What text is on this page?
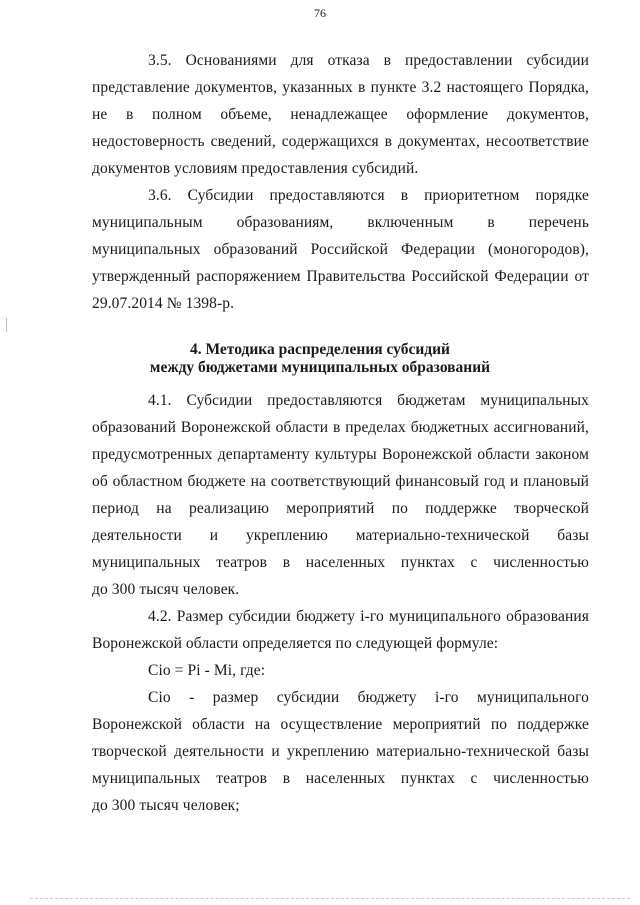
76
3.5. Основаниями для отказа в предоставлении субсидии
представление документов, указанных в пункте 3.2 настоящего Порядка,
не в полном объеме, ненадлежащее оформление документов,
недостоверность сведений, содержащихся в документах, несоответствие
документов условиям предоставления субсидий.
3.6. Субсидии предоставляются в приоритетном порядке
муниципальным образованиям, включенным в перечень
муниципальных образований Российской Федерации (моногородов),
утвержденный распоряжением Правительства Российской Федерации от
29.07.2014 № 1398-р.
4. Методика распределения субсидий
между бюджетами муниципальных образований
4.1. Субсидии предоставляются бюджетам муниципальных
образований Воронежской области в пределах бюджетных ассигнований,
предусмотренных департаменту культуры Воронежской области законом
об областном бюджете на соответствующий финансовый год и плановый
период на реализацию мероприятий по поддержке творческой
деятельности и укреплению материально-технической базы
муниципальных театров в населенных пунктах с численностью
до 300 тысяч человек.
4.2. Размер субсидии бюджету i-го муниципального образования
Воронежской области определяется по следующей формуле:
Cio = Pi - Mi, где:
Cio - размер субсидии бюджету i-го муниципального
Воронежской области на осуществление мероприятий по поддержке
творческой деятельности и укреплению материально-технической базы
муниципальных театров в населенных пунктах с численностью
до 300 тысяч человек;
